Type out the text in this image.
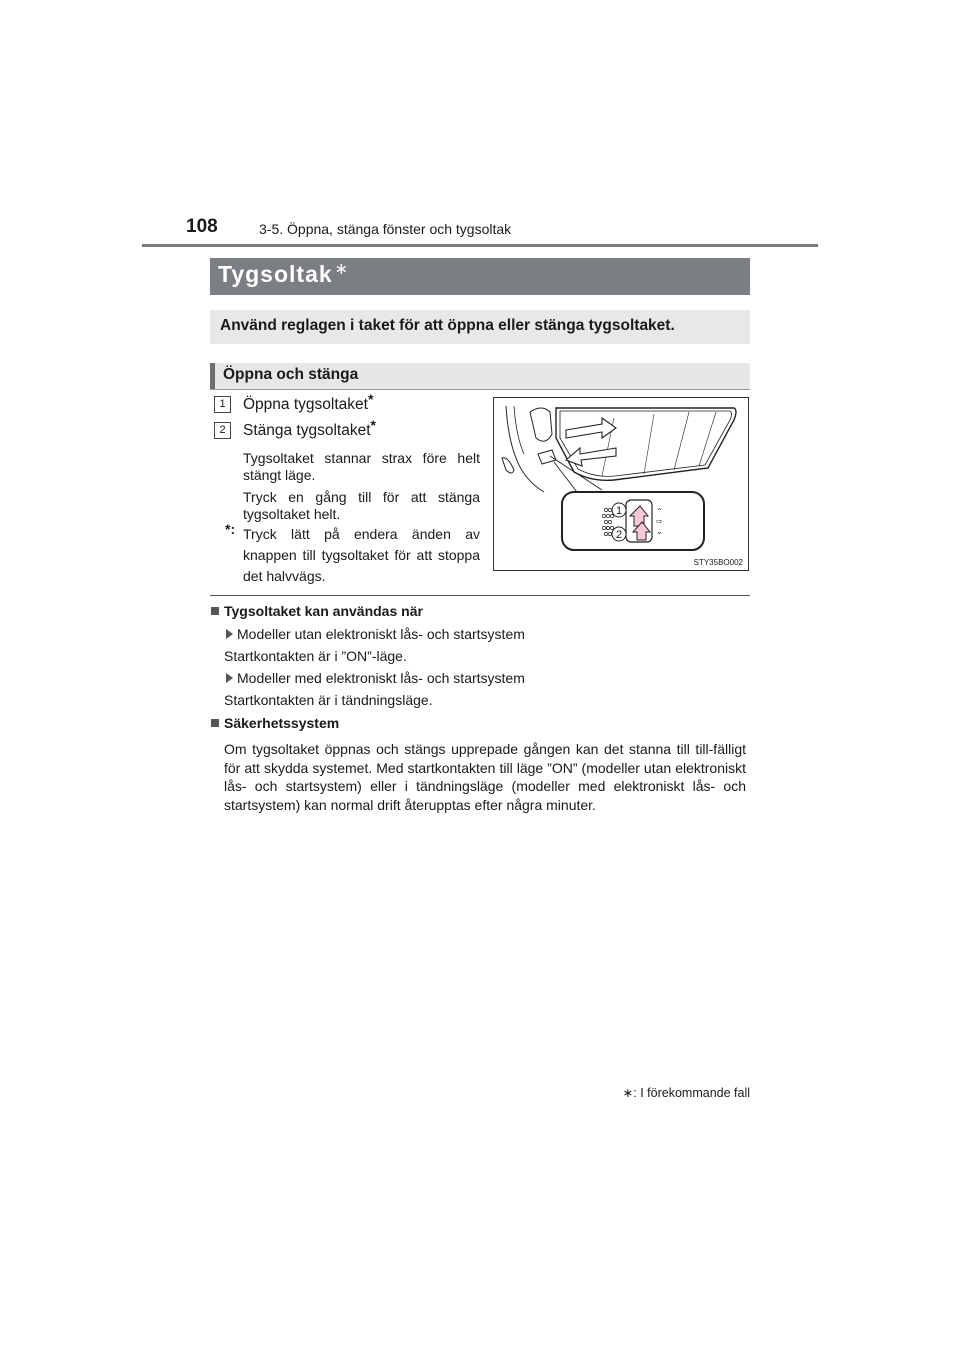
108	3-5. Öppna, stänga fönster och tygsoltak
Tygsoltak ∗
Använd reglagen i taket för att öppna eller stänga tygsoltaket.
Öppna och stänga
1	Öppna tygsoltaket*
2	Stänga tygsoltaket*
Tygsoltaket stannar strax före helt stängt läge.
Tryck en gång till för att stänga tygsoltaket helt.
*: Tryck lätt på endera änden av knappen till tygsoltaket för att stoppa det halvvägs.
⌃
⇨
⌄
1
2
STY35BO002
Tygsoltaket kan användas när
Modeller utan elektroniskt lås- och startsystem
Startkontakten är i ”ON”-läge.
Modeller med elektroniskt lås- och startsystem
Startkontakten är i tändningsläge.
Säkerhetssystem
Om tygsoltaket öppnas och stängs upprepade gången kan det stanna till till-fälligt för att skydda systemet. Med startkontakten till läge ”ON” (modeller utan elektroniskt lås- och startsystem) eller i tändningsläge (modeller med elektroniskt lås- och startsystem) kan normal drift återupptas efter några minuter.
∗: I förekommande fall
